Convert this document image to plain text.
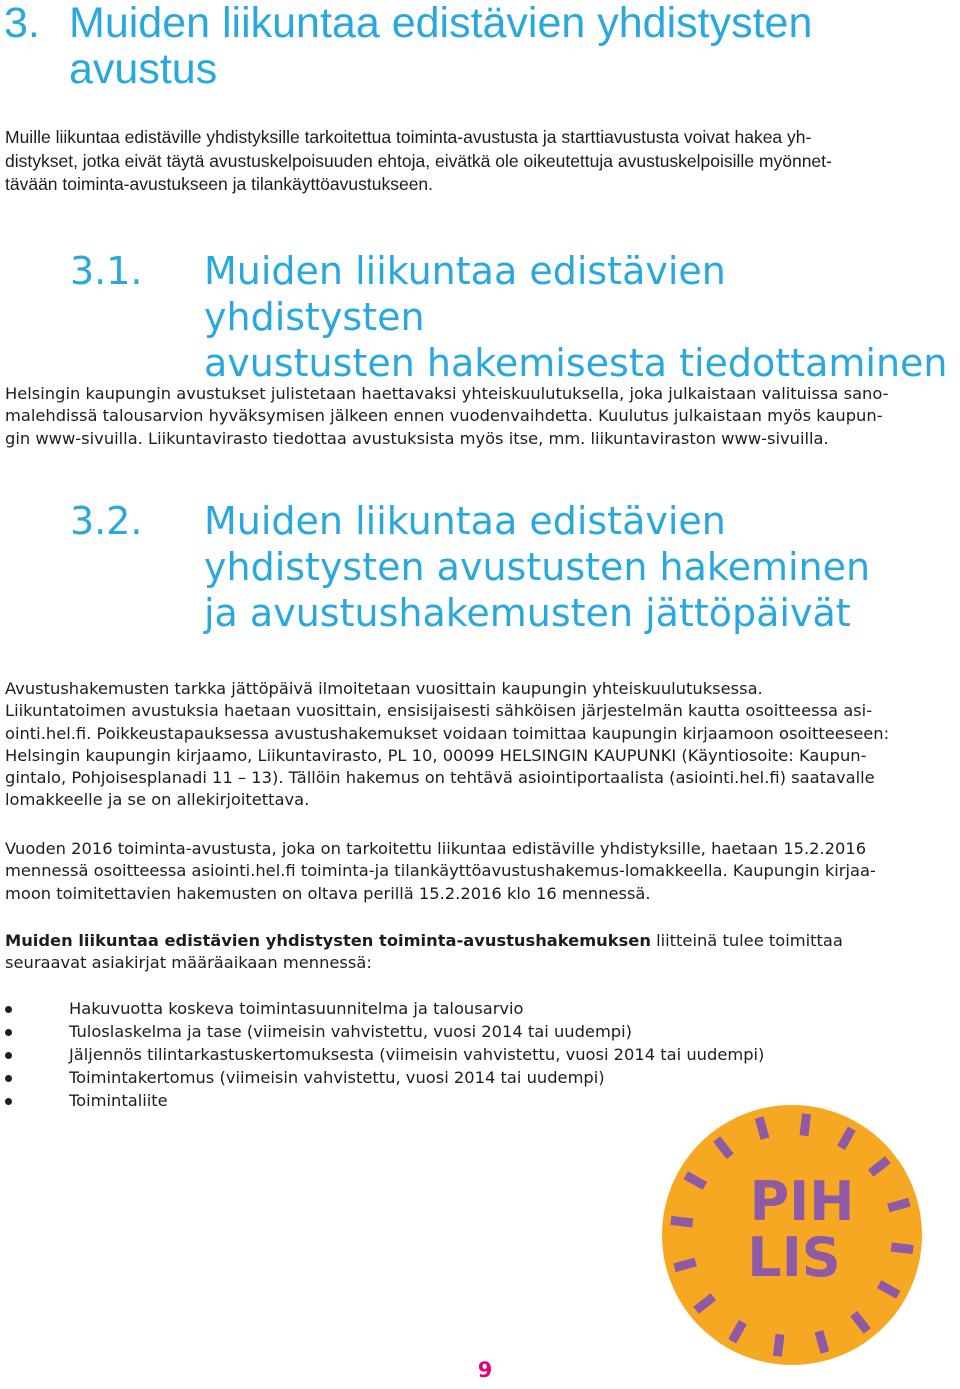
3. Muiden liikuntaa edistävien yhdistysten
avustus

Muille liikuntaa edistäville yhdistyksille tarkoitettua toiminta-avustusta ja starttiavustusta voivat hakea yh-
distykset, jotka eivät täytä avustuskelpoisuuden ehtoja, eivätkä ole oikeutettuja avustuskelpoisille myönnet-
tävään toiminta-avustukseen ja tilankäyttöavustukseen.

3.1. Muiden liikuntaa edistävien yhdistysten
avustusten hakemisesta tiedottaminen

Helsingin kaupungin avustukset julistetaan haettavaksi yhteiskuulutuksella, joka julkaistaan valituissa sano-
malehdissä talousarvion hyväksymisen jälkeen ennen vuodenvaihdetta. Kuulutus julkaistaan myös kaupun-
gin www-sivuilla. Liikuntavirasto tiedottaa avustuksista myös itse, mm. liikuntaviraston www-sivuilla.

3.2. Muiden liikuntaa edistävien
yhdistysten avustusten hakeminen
ja avustushakemusten jättöpäivät

Avustushakemusten tarkka jättöpäivä ilmoitetaan vuosittain kaupungin yhteiskuulutuksessa.
Liikuntatoimen avustuksia haetaan vuosittain, ensisijaisesti sähköisen järjestelmän kautta osoitteessa asi-
ointi.hel.fi. Poikkeustapauksessa avustushakemukset voidaan toimittaa kaupungin kirjaamoon osoitteeseen:
Helsingin kaupungin kirjaamo, Liikuntavirasto, PL 10, 00099 HELSINGIN KAUPUNKI (Käyntiosoite: Kaupun-
gintalo, Pohjoisesplanadi 11 – 13). Tällöin hakemus on tehtävä asiointiportaalista (asiointi.hel.fi) saatavalle
lomakkeelle ja se on allekirjoitettava.

Vuoden 2016 toiminta-avustusta, joka on tarkoitettu liikuntaa edistäville yhdistyksille, haetaan 15.2.2016
mennessä osoitteessa asiointi.hel.fi toiminta-ja tilankäyttöavustushakemus-lomakkeella. Kaupungin kirjaa-
moon toimitettavien hakemusten on oltava perillä 15.2.2016 klo 16 mennessä.

Muiden liikuntaa edistävien yhdistysten toiminta-avustushakemuksen liitteinä tulee toimittaa
seuraavat asiakirjat määräaikaan mennessä:

Hakuvuotta koskeva toimintasuunnitelma ja talousarvio
Tuloslaskelma ja tase (viimeisin vahvistettu, vuosi 2014 tai uudempi)
Jäljennös tilintarkastuskertomuksesta (viimeisin vahvistettu, vuosi 2014 tai uudempi)
Toimintakertomus (viimeisin vahvistettu, vuosi 2014 tai uudempi)
Toimintaliite
PIH
LIS
9
